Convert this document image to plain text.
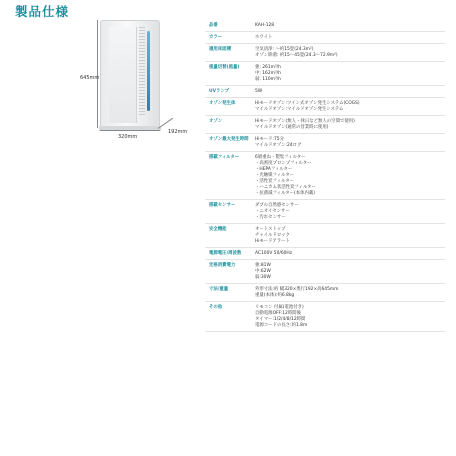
製品仕様
645mm
320mm
192mm
品番	KAH-128
カラー	ホワイト
適用床面積	空気清浄: 〜約15畳(24.3m²)
オゾン除菌: 約15〜45畳(24.3〜72.9m²)
風量切替(風量)	強: 261m³/h
中: 162m³/h
弱: 110m³/h
UVランプ	5W
オゾン発生体	Hiモードオゾン:ツイン式オゾン発生システム(COGS)
マイルドオゾン:マイルドオゾン発生システム
オゾン	Hiモードオゾン(無人・休日など無人の空間で使用)
マイルドオゾン(通常の営業時に使用)
オゾン最大発生時間	Hiモード:75分
マイルドオゾン:24ログ
搭載フィルター	6層重ね・製集フィルター
・高密度プロンプフィルター
・HEPAフィルター
・光触媒フィルター
・活性炭フィルター
・ハニカム状活性炭フィルター
・抗菌減フィルター(本体内蔵)
搭載センサー	ダブル自然感センサー
・ニオイセンサー
・汚れセンサー
安全機能	オートストップ
チャイルドロック
Hiモードアラート
電源電圧/周波数	AC100V 50/60Hz
定格消費電力	強:81W
中:62W
弱:30W
寸法/重量	外形寸法:約 幅320×奥行192×高645mm
重量(本体):約6.8kg
その他	リモコン 付属(電池付き)
自動電源OFF:12時間後
タイマー:1/2/4/8/12時間
電源コードの長さ:約1.8m
